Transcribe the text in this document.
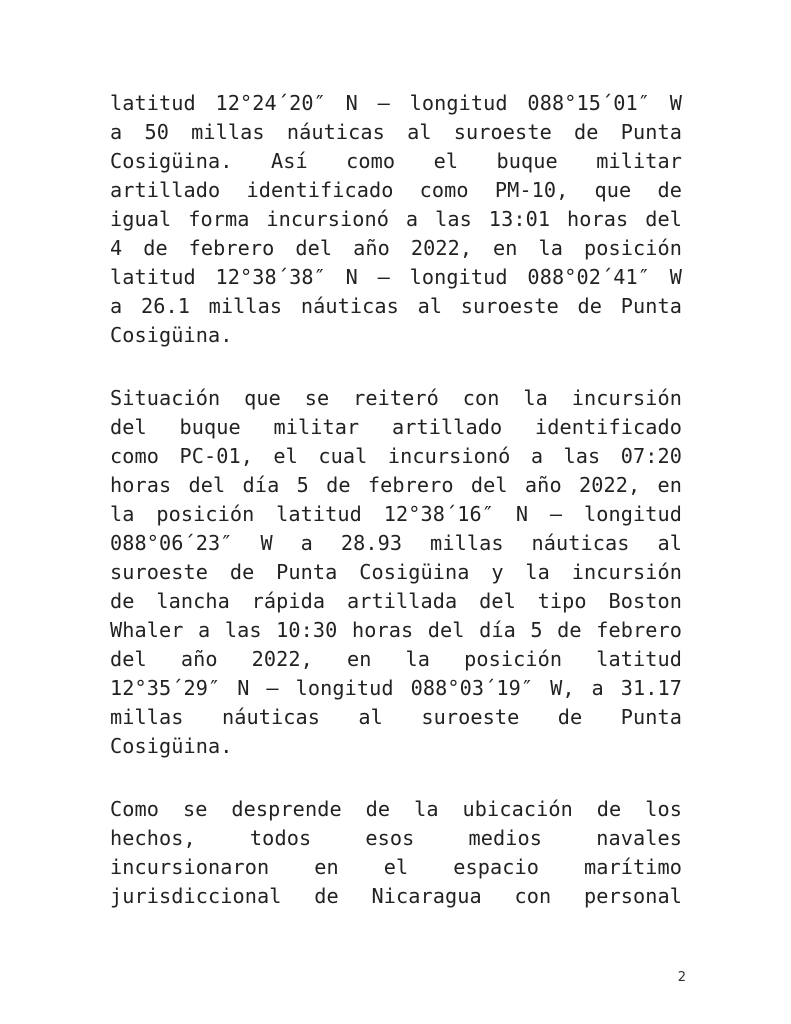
latitud 12°24´20″ N – longitud 088°15´01″ W
a 50 millas náuticas al suroeste de Punta
Cosigüina. Así como el buque militar
artillado identificado como PM-10, que de
igual forma incursionó a las 13:01 horas del
4 de febrero del año 2022, en la posición
latitud 12°38´38″ N – longitud 088°02´41″ W
a 26.1 millas náuticas al suroeste de Punta
Cosigüina.
Situación que se reiteró con la incursión
del buque militar artillado identificado
como PC-01, el cual incursionó a las 07:20
horas del día 5 de febrero del año 2022, en
la posición latitud 12°38´16″ N – longitud
088°06´23″ W a 28.93 millas náuticas al
suroeste de Punta Cosigüina y la incursión
de lancha rápida artillada del tipo Boston
Whaler a las 10:30 horas del día 5 de febrero
del año 2022, en la posición latitud
12°35´29″ N – longitud 088°03´19″ W, a 31.17
millas náuticas al suroeste de Punta
Cosigüina.
Como se desprende de la ubicación de los
hechos, todos esos medios navales
incursionaron en el espacio marítimo
jurisdiccional de Nicaragua con personal
2
